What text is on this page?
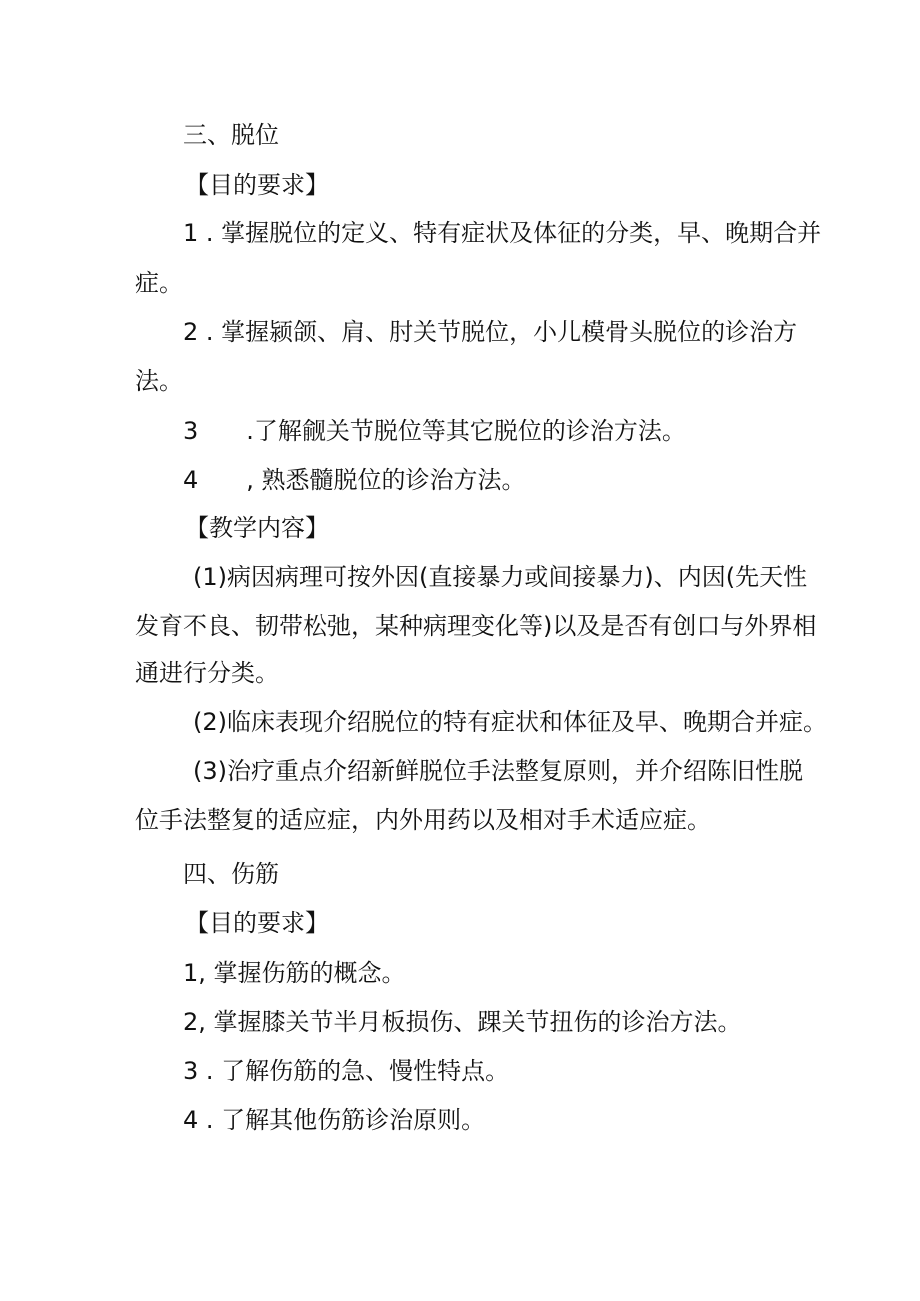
三、脱位
【目的要求】
1 . 掌握脱位的定义、特有症状及体征的分类，早、晚期合并
症。
2 . 掌握颍颌、肩、肘关节脱位，小儿模骨头脱位的诊治方
法。
3　　.了解觎关节脱位等其它脱位的诊治方法。
4　　, 熟悉髓脱位的诊治方法。
【教学内容】
(1)病因病理可按外因(直接暴力或间接暴力)、内因(先天性
发育不良、韧带松弛，某种病理变化等)以及是否有创口与外界相
通进行分类。
(2)临床表现介绍脱位的特有症状和体征及早、晚期合并症。
(3)治疗重点介绍新鲜脱位手法整复原则，并介绍陈旧性脱
位手法整复的适应症，内外用药以及相对手术适应症。
四、伤筋
【目的要求】
1, 掌握伤筋的概念。
2, 掌握膝关节半月板损伤、踝关节扭伤的诊治方法。
3 . 了解伤筋的急、慢性特点。
4 . 了解其他伤筋诊治原则。
